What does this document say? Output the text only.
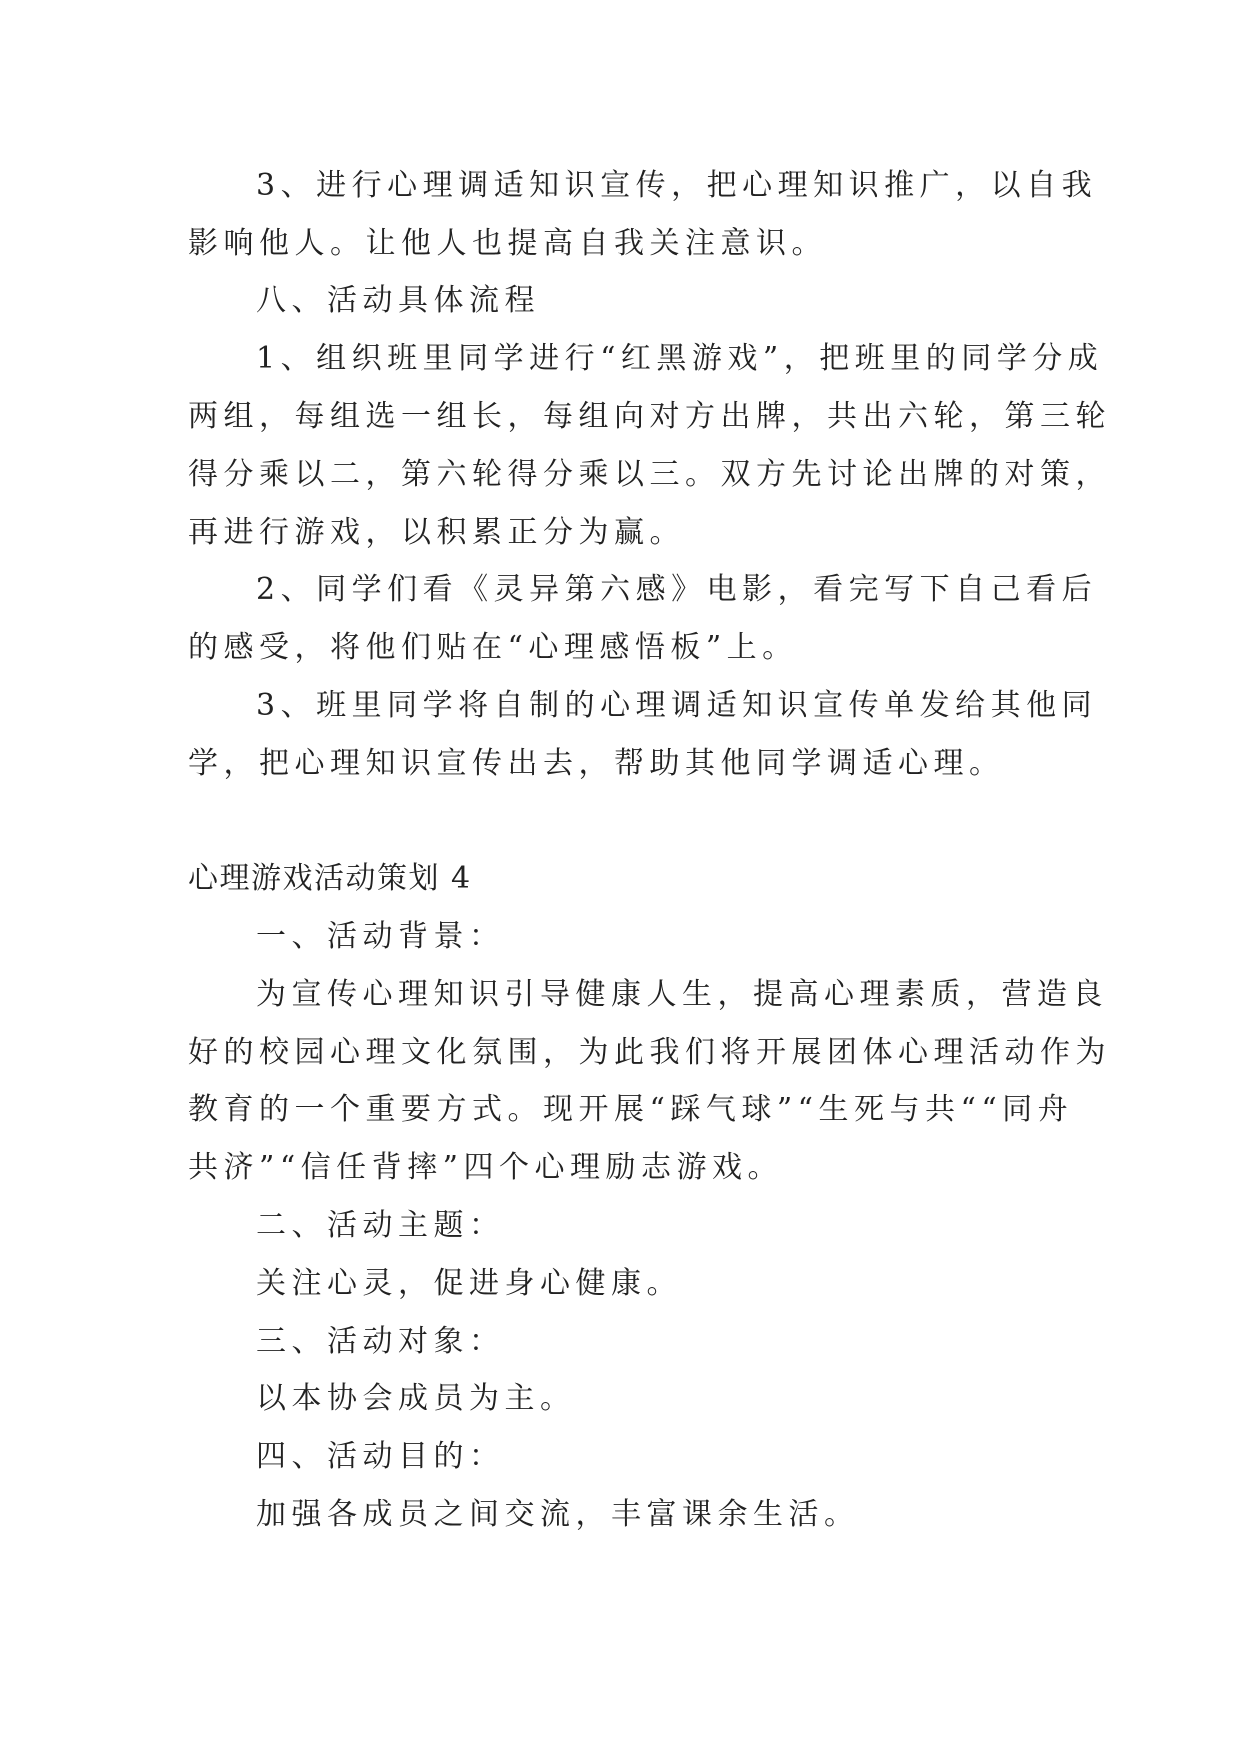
3、进行心理调适知识宣传，把心理知识推广，以自我
影响他人。让他人也提高自我关注意识。
八、活动具体流程
1、组织班里同学进行“红黑游戏”，把班里的同学分成
两组，每组选一组长，每组向对方出牌，共出六轮，第三轮
得分乘以二，第六轮得分乘以三。双方先讨论出牌的对策，
再进行游戏，以积累正分为赢。
2、同学们看《灵异第六感》电影，看完写下自己看后
的感受，将他们贴在“心理感悟板”上。
3、班里同学将自制的心理调适知识宣传单发给其他同
学，把心理知识宣传出去，帮助其他同学调适心理。
心理游戏活动策划 4
一、活动背景：
为宣传心理知识引导健康人生，提高心理素质，营造良
好的校园心理文化氛围，为此我们将开展团体心理活动作为
教育的一个重要方式。现开展“踩气球”“生死与共““同舟
共济”“信任背摔”四个心理励志游戏。
二、活动主题：
关注心灵，促进身心健康。
三、活动对象：
以本协会成员为主。
四、活动目的：
加强各成员之间交流，丰富课余生活。
